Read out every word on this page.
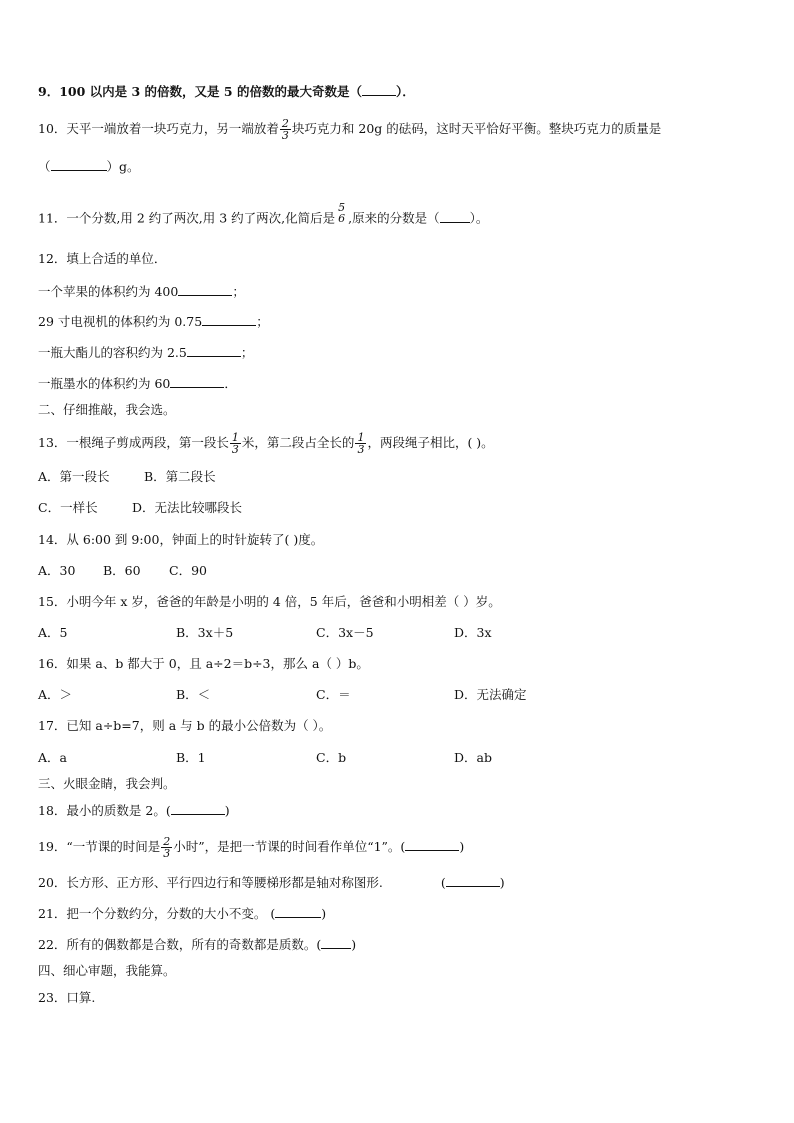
9．100 以内是 3 的倍数，又是 5 的倍数的最大奇数是（	）．
10．天平一端放着一块巧克力，另一端放着 $\frac{2}{3}$ 块巧克力和 20g 的砝码，这时天平恰好平衡。整块巧克力的质量是
（	）g。
11．一个分数,用 2 约了两次,用 3 约了两次,化简后是
5
6 ,原来的分数是（ ）。
12．填上合适的单位．
一个苹果的体积约为 400	；
29 寸电视机的体积约为 0.75	；
一瓶大酯儿的容积约为 2.5	；
一瓶墨水的体积约为 60	．
二、仔细推敲，我会选。
13．一根绳子剪成两段，第一段长 $\frac{1}{3}$ 米，第二段占全长的 $\frac{1}{3}$ ，两段绳子相比，( )。
A．第一段长	B．第二段长
C．一样长	D．无法比较哪段长
14．从 6:00 到 9:00，钟面上的时针旋转了( )度。
A．30 B．60 C．90
15．小明今年 x 岁，爸爸的年龄是小明的 4 倍，5 年后，爸爸和小明相差（ ）岁。
A．5	B．3x＋5	C．3x－5	D．3x
16．如果 a、b 都大于 0，且 a÷2＝b÷3，那么 a（ ）b。
A．＞	B．＜	C．＝	D．无法确定
17．已知 a÷b=7，则 a 与 b 的最小公倍数为（ ）。
A．a	B．1	C．b	D．ab
三、火眼金睛，我会判。
18．最小的质数是 2。(	)
19．“一节课的时间是 $\frac{2}{3}$ 小时”，是把一节课的时间看作单位“1”。(	)
20．长方形、正方形、平行四边行和等腰梯形都是轴对称图形.	(	)
21．把一个分数约分，分数的大小不变。 (	)
22．所有的偶数都是合数，所有的奇数都是质数。( )
四、细心审题，我能算。
23．口算.
